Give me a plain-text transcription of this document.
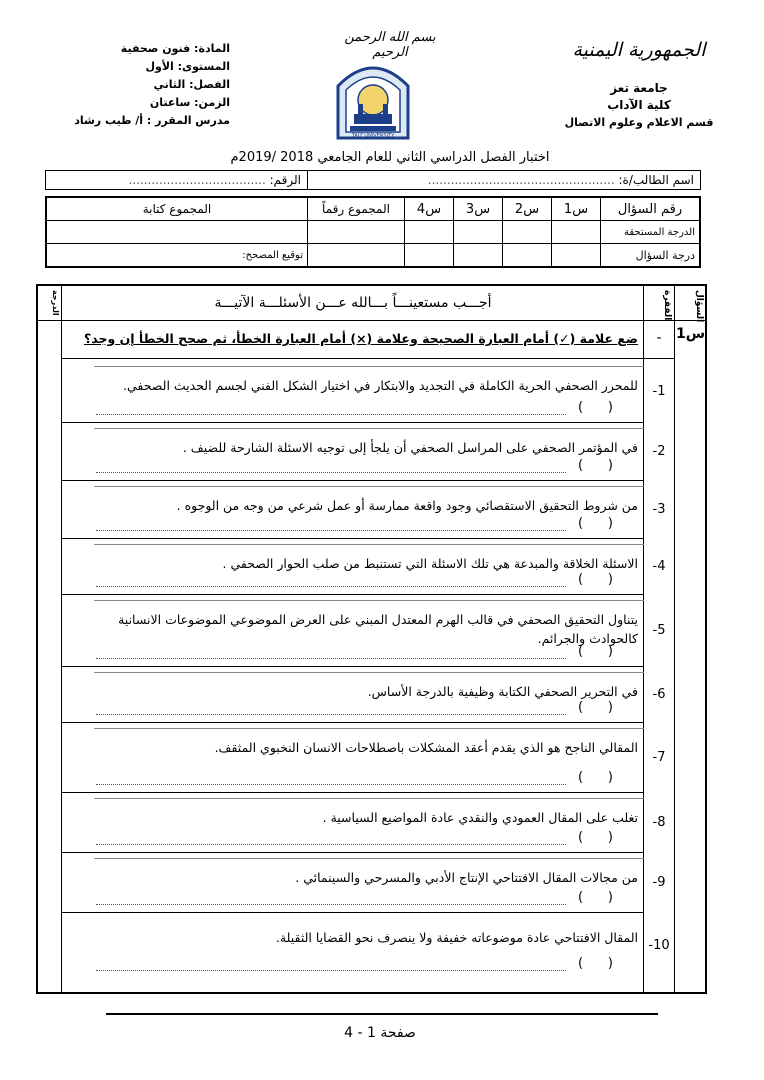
الجمهورية اليمنية
جامعة تعز
كلية الآداب
قسم الاعلام وعلوم الاتصال
بسم الله الرحمن الرحيم
TAIZ UNIVERSITY
المادة: فنون صحفية
المستوى: الأول
الفصل: الثاني
الزمن: ساعتان
مدرس المقرر : أ/ طيب رشاد
اختبار الفصل الدراسي الثاني للعام الجامعي 2018 /2019م
اسم الطالب/ة: .................................................	الرقم: ....................................
رقم السؤال	س1	س2	س3	س4	المجموع رقماً	المجموع كتابة
الدرجة المستحقة						
درجة السؤال						توقيع المصحح:
السؤال
الفقرة
الدرجة	أجـــب مستعينـــاً بـــالله عـــن الأسئلـــة الآتيـــة
س1
-
ضع علامة (✓) أمام العبارة الصحيحة وعلامة (×) أمام العبارة الخطأ، ثم صحح الخطأ إن وجد؟
-1
للمحرر الصحفي الحرية الكاملة في التجديد والابتكار في اختيار الشكل الفني لجسم الحديث الصحفي.
(      )
-2
في المؤتمر الصحفي على المراسل الصحفي أن يلجأ إلى توجيه الاسئلة الشارحة للضيف .
(      )
-3
من شروط التحقيق الاستقصائي وجود واقعة ممارسة أو عمل شرعي من وجه من الوجوه .
(      )
-4
الاسئلة الخلاقة والمبدعة هي تلك الاسئلة التي تستنبط من صلب الحوار الصحفي .
(      )
-5
يتناول التحقيق الصحفي في قالب الهرم المعتدل المبني على العرض الموضوعي الموضوعات الانسانية كالحوادث والجرائم.
(      )
-6
في التحرير الصحفي الكتابة وظيفية بالدرجة الأساس.
(      )
-7
المقالي الناجح هو الذي يقدم أعقد المشكلات باصطلاحات الانسان النخبوي المثقف.
(      )
-8
تغلب على المقال العمودي والنقدي عادة المواضيع السياسية .
(      )
-9
من مجالات المقال الافتتاحي الإنتاج الأدبي والمسرحي والسينمائي .
(      )
-10
المقال الافتتاحي عادة موضوعاته خفيفة ولا ينصرف نحو القضايا الثقيلة.
(      )
صفحة 1 - 4
